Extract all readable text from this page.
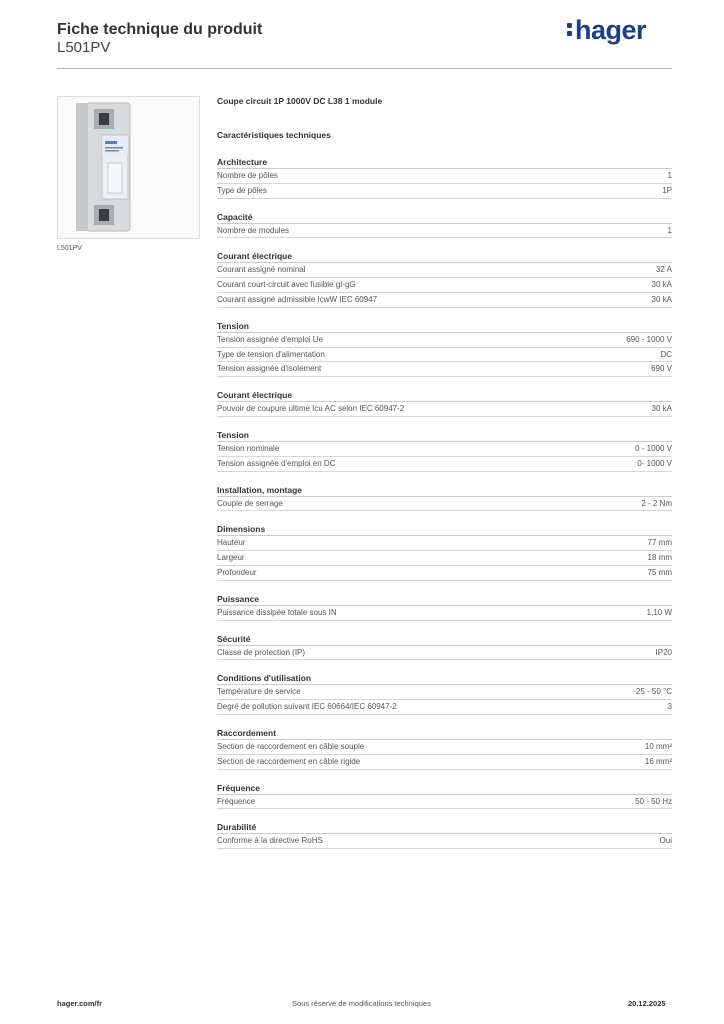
Fiche technique du produit
L501PV
hager
L501PV
Coupe circuit 1P 1000V DC L38 1 module
Caractéristiques techniques
Architecture
Nombre de pôles	1
Type de pôles	1P
Capacité
Nombre de modules	1
Courant électrique
Courant assigné nominal	32 A
Courant court-circuit avec fusible gI-gG	30 kA
Courant assigné admissible IcwW IEC 60947	30 kA
Tension
Tension assignée d'emploi Ue	690 - 1000 V
Type de tension d'alimentation	DC
Tension assignée d'isolement	690 V
Courant électrique
Pouvoir de coupure ultime Icu AC selon IEC 60947-2	30 kA
Tension
Tension nominale	0 - 1000 V
Tension assignée d'emploi en DC	0- 1000 V
Installation, montage
Couple de serrage	2 - 2 Nm
Dimensions
Hauteur	77 mm
Largeur	18 mm
Profondeur	75 mm
Puissance
Puissance dissipée totale sous IN	1,10 W
Sécurité
Classe de protection (IP)	IP20
Conditions d'utilisation
Température de service	-25 - 50 °C
Degré de pollution suivant IEC 60664/IEC 60947-2	3
Raccordement
Section de raccordement en câble souple	10 mm²
Section de raccordement en câble rigide	16 mm²
Fréquence
Fréquence	50 - 50 Hz
Durabilité
Conforme à la directive RoHS	Oui
hager.com/fr	Sous réserve de modifications techniques	20.12.2025
